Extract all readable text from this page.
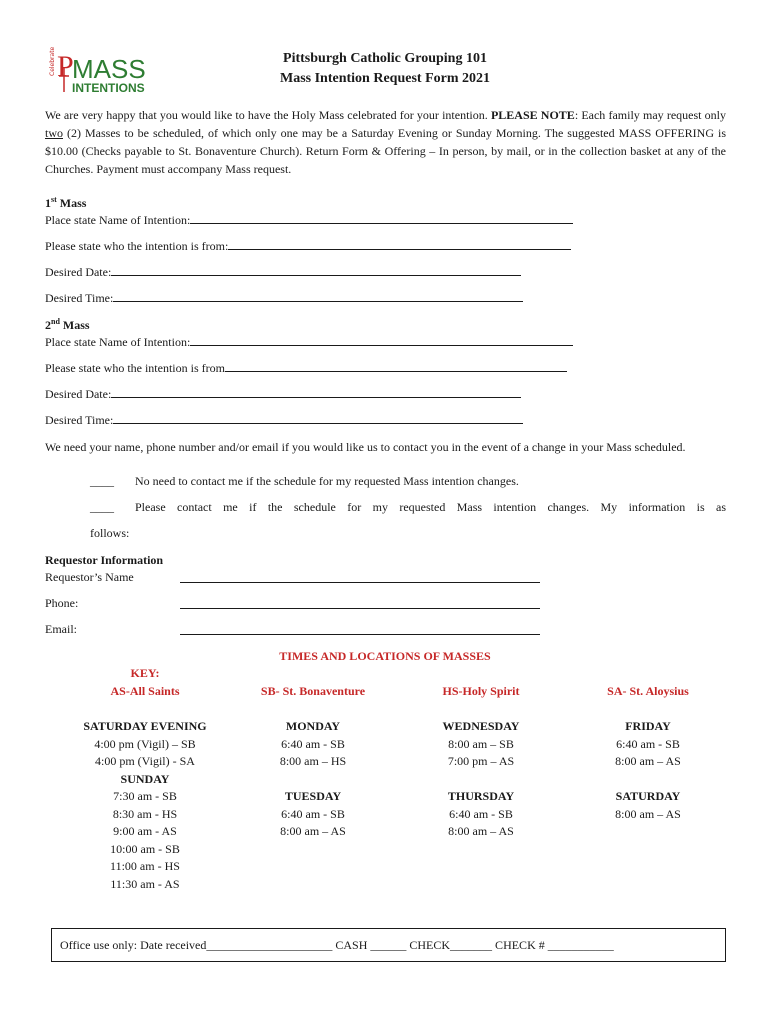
Celebrate P
MASS
INTENTIONS
Pittsburgh Catholic Grouping 101
Mass Intention Request Form 2021
We are very happy that you would like to have the Holy Mass celebrated for your intention. PLEASE NOTE: Each family may request only two (2) Masses to be scheduled, of which only one may be a Saturday Evening or Sunday Morning. The suggested MASS OFFERING is $10.00 (Checks payable to St. Bonaventure Church). Return Form & Offering – In person, by mail, or in the collection basket at any of the Churches. Payment must accompany Mass request.
1st Mass
Place state Name of Intention:
Please state who the intention is from:
Desired Date:
Desired Time:
2nd Mass
Place state Name of Intention:
Please state who the intention is from
Desired Date:
Desired Time:
We need your name, phone number and/or email if you would like us to contact you in the event of a change in your Mass scheduled.
____ No need to contact me if the schedule for my requested Mass intention changes.
____ Please contact me if the schedule for my requested Mass intention changes. My information is as
follows:
Requestor Information
Requestor’s Name
Phone:
Email:
TIMES AND LOCATIONS OF MASSES
KEY:
AS-All Saints	SB- St. Bonaventure	HS-Holy Spirit	SA- St. Aloysius
SATURDAY EVENING
4:00 pm (Vigil) – SB
4:00 pm (Vigil) - SA
SUNDAY
7:30 am - SB
8:30 am - HS
9:00 am - AS
10:00 am - SB
11:00 am - HS
11:30 am - AS
MONDAY
6:40 am - SB
8:00 am – HS
TUESDAY
6:40 am - SB
8:00 am – AS
WEDNESDAY
8:00 am – SB
7:00 pm – AS
THURSDAY
6:40 am - SB
8:00 am – AS
FRIDAY
6:40 am - SB
8:00 am – AS
SATURDAY
8:00 am – AS
Office use only: Date received_____________________ CASH ______ CHECK_______ CHECK # ___________
